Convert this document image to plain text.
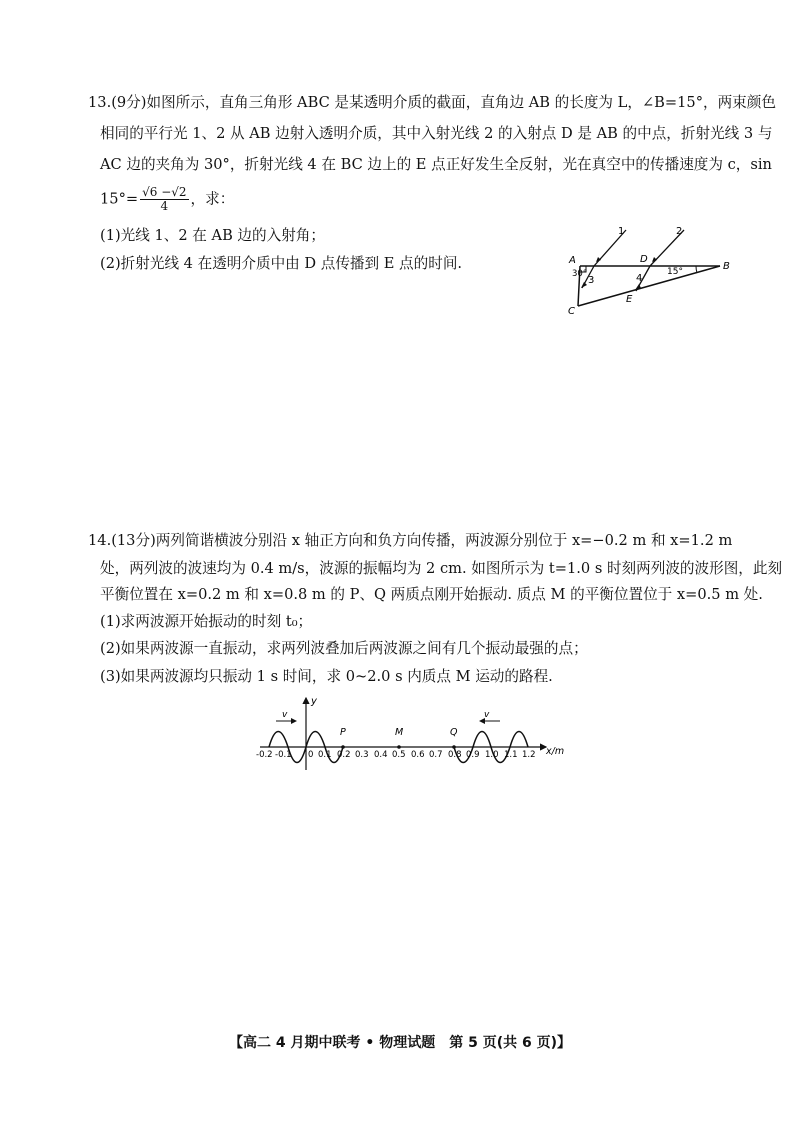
13.(9分)如图所示，直角三角形 ABC 是某透明介质的截面，直角边 AB 的长度为 L，∠B=15°，两束颜色
相同的平行光 1、2 从 AB 边射入透明介质，其中入射光线 2 的入射点 D 是 AB 的中点，折射光线 3 与
AC 边的夹角为 30°，折射光线 4 在 BC 边上的 E 点正好发生全反射，光在真空中的传播速度为 c，sin
$15^\circ= \frac{√6 -√2}{4}$ ，求：
(1)光线 1、2 在 AB 边的入射角；
(2)折射光线 4 在透明介质中由 D 点传播到 E 点的时间.	A
B
C
D
E
1	2
3	4
30°	15°
14.(13分)两列简谐横波分别沿 x 轴正方向和负方向传播，两波源分别位于 x=−0.2 m 和 x=1.2 m
处，两列波的波速均为 0.4 m/s，波源的振幅均为 2 cm. 如图所示为 t=1.0 s 时刻两列波的波形图，此刻
平衡位置在 x=0.2 m 和 x=0.8 m 的 P、Q 两质点刚开始振动. 质点 M 的平衡位置位于 x=0.5 m 处.
(1)求两波源开始振动的时刻 t₀；
(2)如果两波源一直振动，求两列波叠加后两波源之间有几个振动最强的点；
(3)如果两波源均只振动 1 s 时间，求 0~2.0 s 内质点 M 运动的路程.
y
x/m
v	v
P	M	Q
-0.2 -0.1 0 0.1 0.2 0.3 0.4 0.5 0.6 0.7 0.8 0.9 1.0 1.1 1.2
【高二 4 月期中联考 • 物理试题　第 5 页(共 6 页)】
